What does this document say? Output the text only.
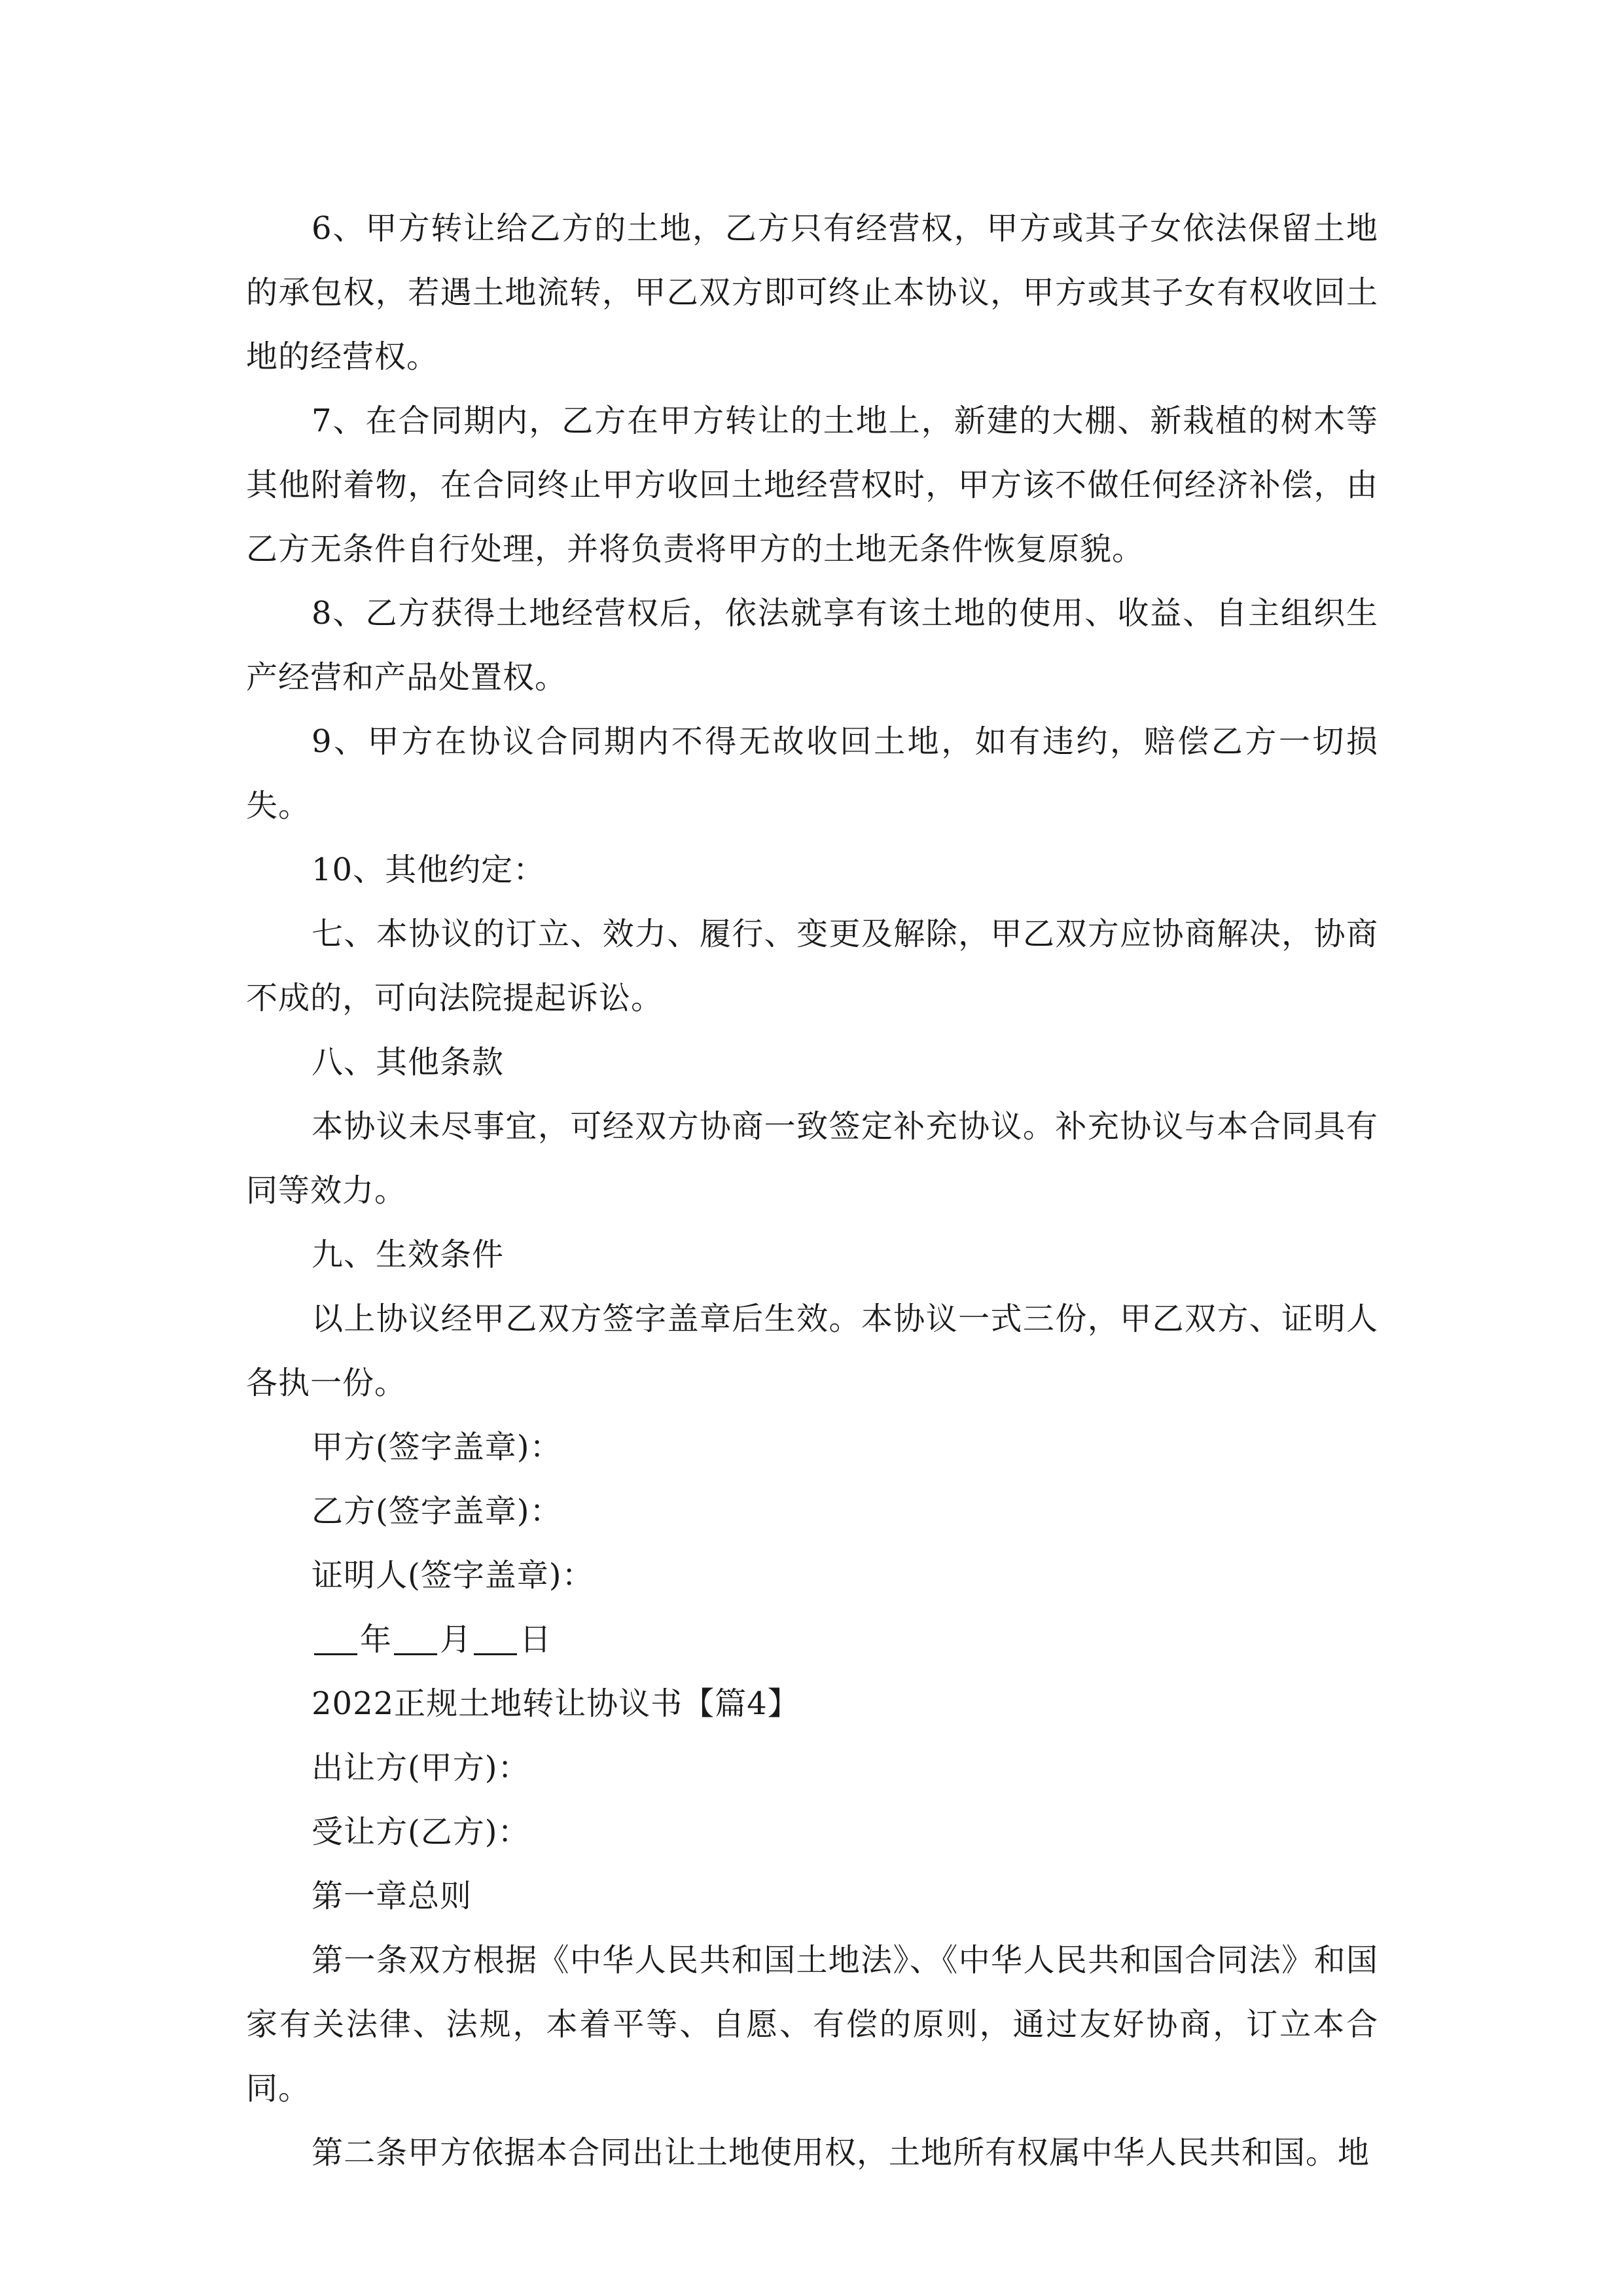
6、甲方转让给乙方的土地，乙方只有经营权，甲方或其子女依法保留土地的承包权，若遇土地流转，甲乙双方即可终止本协议，甲方或其子女有权收回土地的经营权。

7、在合同期内，乙方在甲方转让的土地上，新建的大棚、新栽植的树木等其他附着物，在合同终止甲方收回土地经营权时，甲方该不做任何经济补偿，由乙方无条件自行处理，并将负责将甲方的土地无条件恢复原貌。

8、乙方获得土地经营权后，依法就享有该土地的使用、收益、自主组织生产经营和产品处置权。

9、甲方在协议合同期内不得无故收回土地，如有违约，赔偿乙方一切损失。

10、其他约定：

七、本协议的订立、效力、履行、变更及解除，甲乙双方应协商解决，协商不成的，可向法院提起诉讼。

八、其他条款

本协议未尽事宜，可经双方协商一致签定补充协议。补充协议与本合同具有同等效力。

九、生效条件

以上协议经甲乙双方签字盖章后生效。本协议一式三份，甲乙双方、证明人各执一份。

甲方(签字盖章)：

乙方(签字盖章)：

证明人(签字盖章)：

年 月 日

2022正规土地转让协议书【篇4】

出让方(甲方)：

受让方(乙方)：

第一章总则

第一条双方根据《中华人民共和国土地法》、《中华人民共和国合同法》和国家有关法律、法规，本着平等、自愿、有偿的原则，通过友好协商，订立本合同。

第二条甲方依据本合同出让土地使用权，土地所有权属中华人民共和国。地
